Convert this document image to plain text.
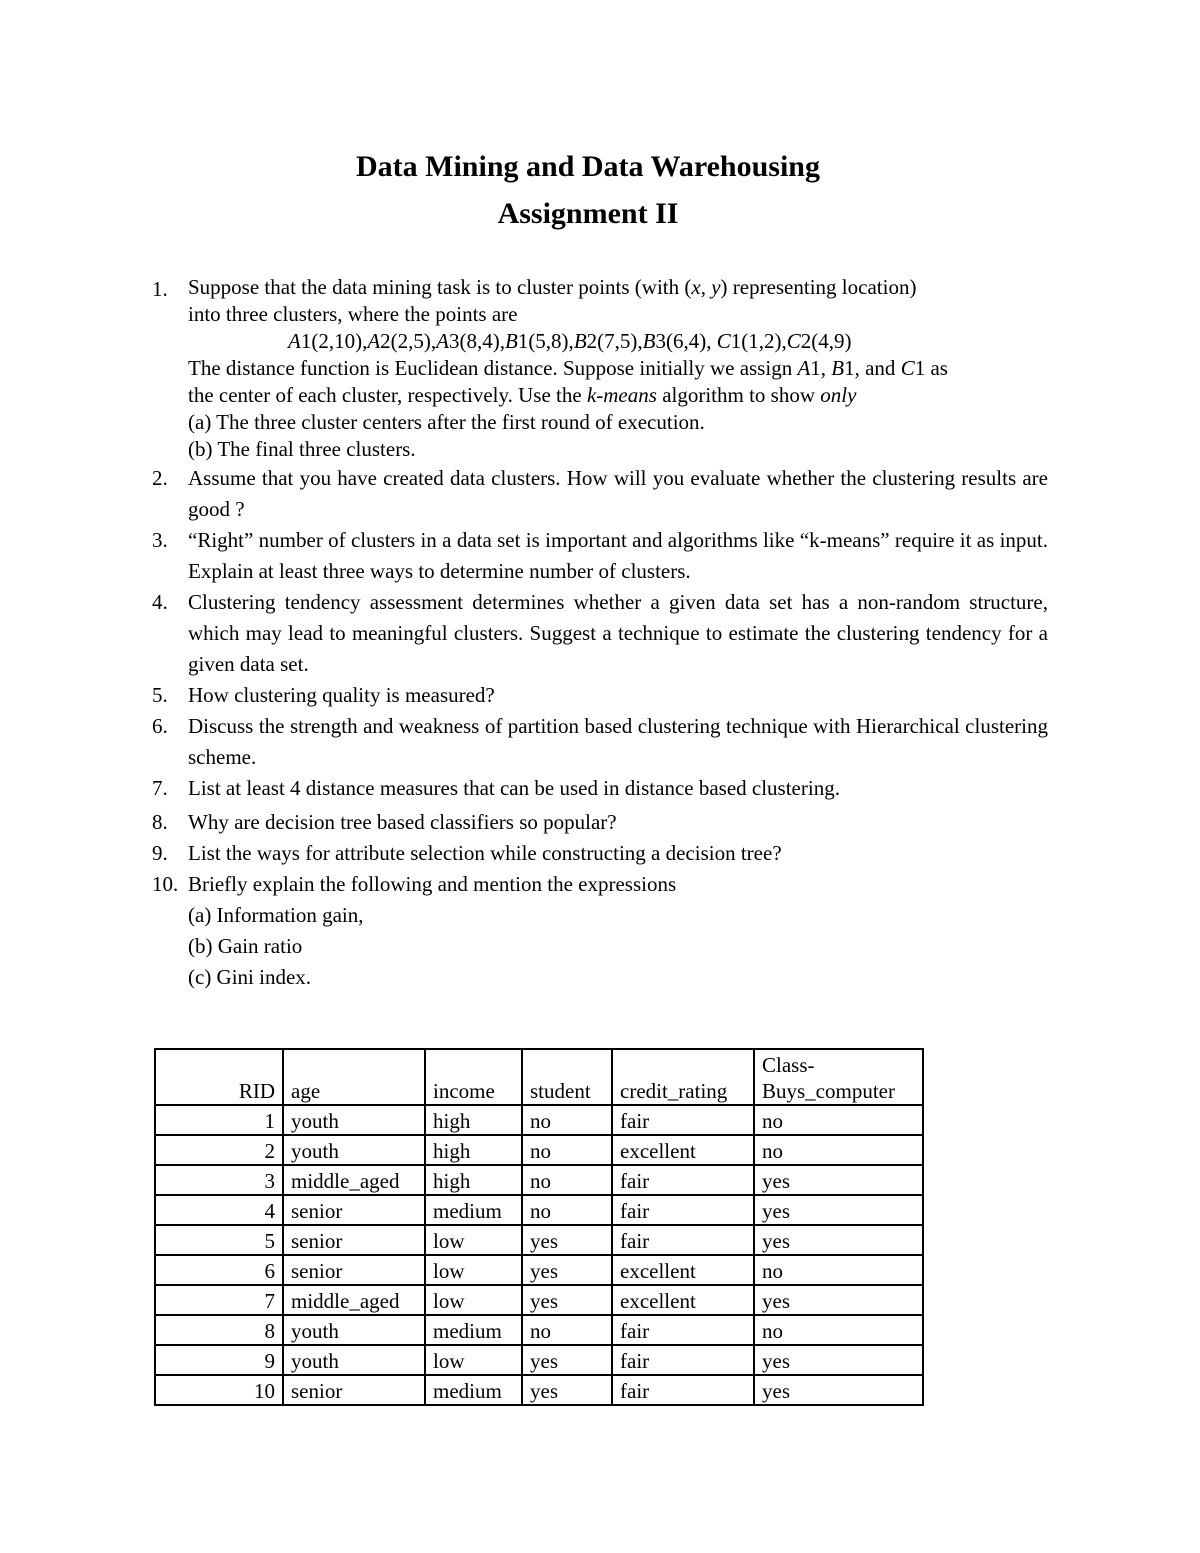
Data Mining and Data Warehousing
Assignment II
1. Suppose that the data mining task is to cluster points (with (x, y) representing location)

into three clusters, where the points are

A1(2,10),A2(2,5),A3(8,4),B1(5,8),B2(7,5),B3(6,4), C1(1,2),C2(4,9)

The distance function is Euclidean distance. Suppose initially we assign A1, B1, and C1 as

the center of each cluster, respectively. Use the k-means algorithm to show only

(a) The three cluster centers after the first round of execution.

(b) The final three clusters.

2. Assume that you have created data clusters. How will you evaluate whether the clustering results are good ?

3. “Right” number of clusters in a data set is important and algorithms like “k-means” require it as input. Explain at least three ways to determine number of clusters.

4. Clustering tendency assessment determines whether a given data set has a non-random structure, which may lead to meaningful clusters. Suggest a technique to estimate the clustering tendency for a given data set.

5. How clustering quality is measured?

6. Discuss the strength and weakness of partition based clustering technique with Hierarchical clustering scheme.

7. List at least 4 distance measures that can be used in distance based clustering.

8. Why are decision tree based classifiers so popular?

9. List the ways for attribute selection while constructing a decision tree?

10. Briefly explain the following and mention the expressions

(a) Information gain,

(b) Gain ratio

(c) Gini index.

RID	age	income	student	credit_rating	Class-
Buys_computer
1	youth	high	no	fair	no
2	youth	high	no	excellent	no
3	middle_aged	high	no	fair	yes
4	senior	medium	no	fair	yes
5	senior	low	yes	fair	yes
6	senior	low	yes	excellent	no
7	middle_aged	low	yes	excellent	yes
8	youth	medium	no	fair	no
9	youth	low	yes	fair	yes
10	senior	medium	yes	fair	yes
